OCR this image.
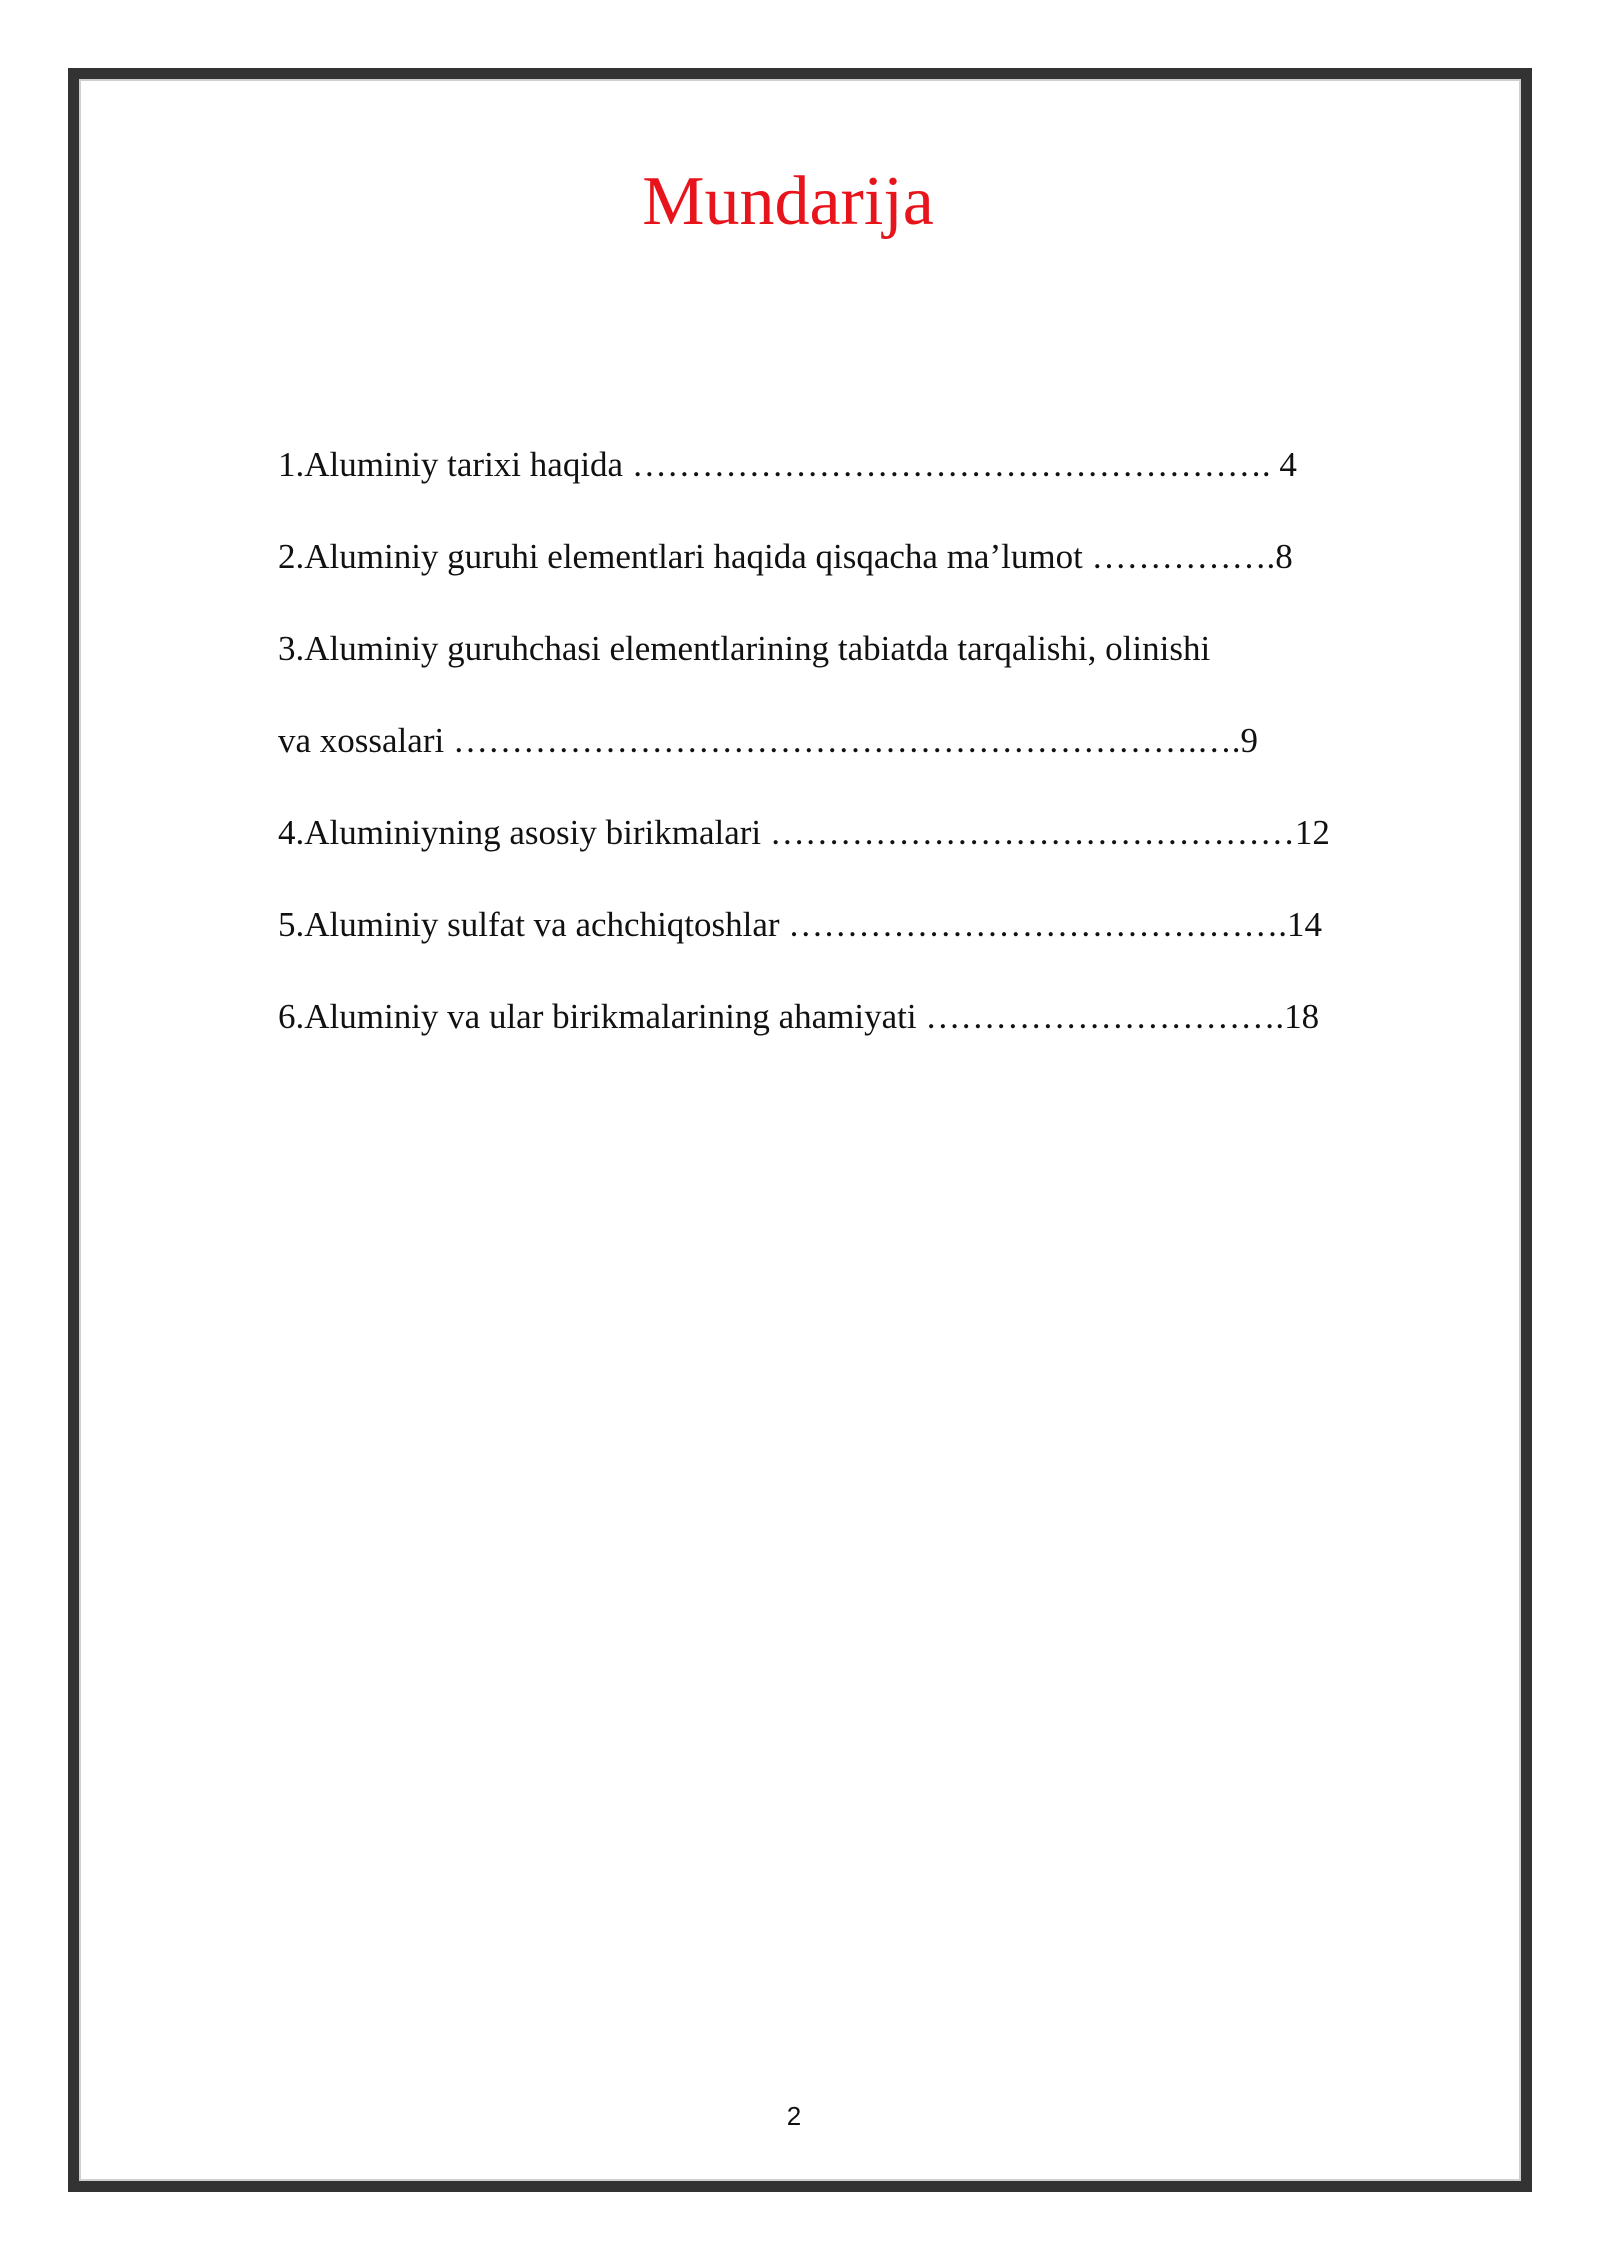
Mundarija
1.Aluminiy tarixi haqida ………………………………………………. 4
2.Aluminiy guruhi elementlari haqida qisqacha ma’lumot …………….8
3.Aluminiy guruhchasi elementlarining tabiatda tarqalishi, olinishi
va xossalari ……………………………………………………….….9
4.Aluminiyning asosiy birikmalari ………………………………………12
5.Aluminiy sulfat va achchiqtoshlar …………………………………….14
6.Aluminiy va ular birikmalarining ahamiyati ………………………….18
2
